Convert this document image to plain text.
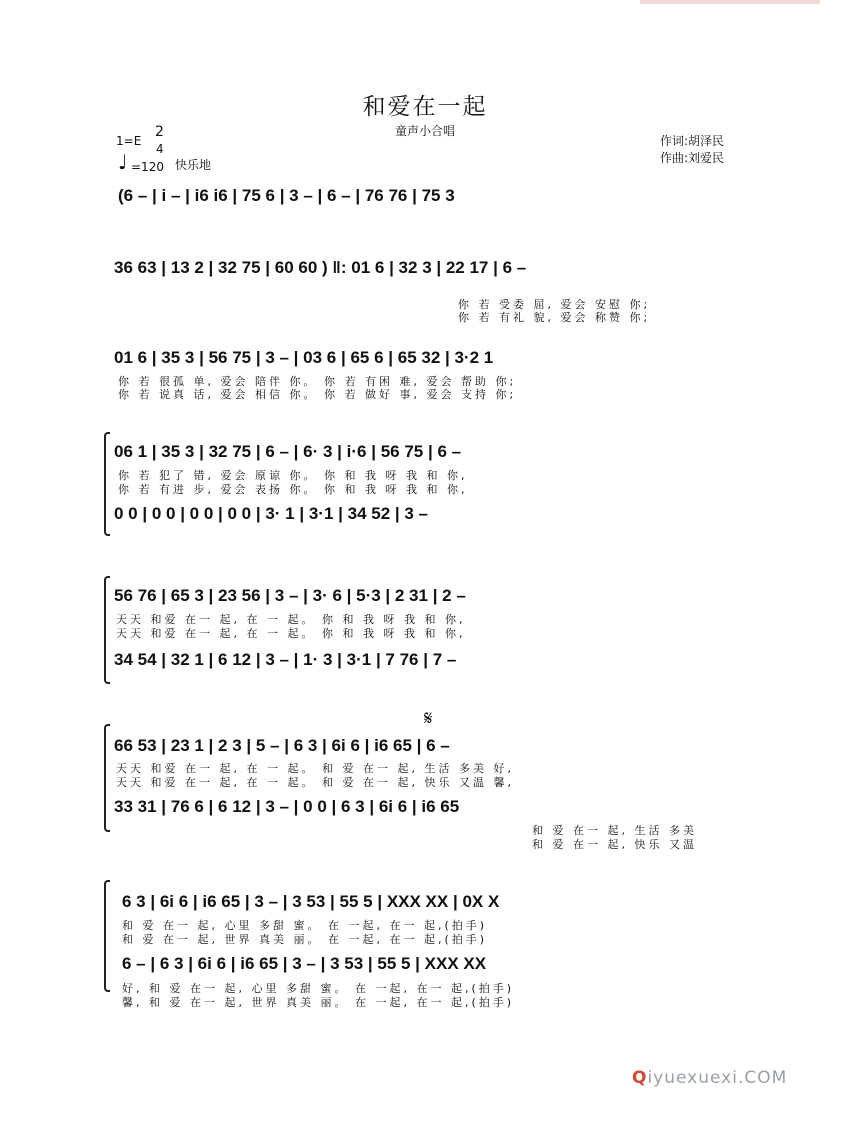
和爱在一起
童声小合唱
1=E
2
4
♩ =120 快乐地
作词:胡泽民
作曲:刘爱民
(6 – | i – | i6 i6 | 75 6 | 3 – | 6 – | 76 76 | 75 3
36 63 | 13 2 | 32 75 | 60 60 ) ‖: 01 6 | 32 3 | 22 17 | 6 –
你 若 受委 屈, 爱会 安慰 你;
你 若 有礼 貌, 爱会 称赞 你;
01 6 | 35 3 | 56 75 | 3 – | 03 6 | 65 6 | 65 32 | 3·2 1
你 若 很孤 单, 爱会 陪伴 你。 你 若 有困 难, 爱会 帮助 你;
你 若 说真 话, 爱会 相信 你。 你 若 做好 事, 爱会 支持 你;
06 1 | 35 3 | 32 75 | 6 – | 6· 3 | i·6 | 56 75 | 6 –
你 若 犯了 错, 爱会 原谅 你。 你 和 我 呀 我 和 你,
你 若 有进 步, 爱会 表扬 你。 你 和 我 呀 我 和 你,
0 0 | 0 0 | 0 0 | 0 0 | 3· 1 | 3·1 | 34 52 | 3 –
56 76 | 65 3 | 23 56 | 3 – | 3· 6 | 5·3 | 2 31 | 2 –
天天 和爱 在一 起, 在 一 起。 你 和 我 呀 我 和 你,
天天 和爱 在一 起, 在 一 起。 你 和 我 呀 我 和 你,
34 54 | 32 1 | 6 12 | 3 – | 1· 3 | 3·1 | 7 76 | 7 –
𝄋
66 53 | 23 1 | 2 3 | 5 – | 6 3 | 6i 6 | i6 65 | 6 –
天天 和爱 在一 起, 在 一 起。 和 爱 在一 起, 生活 多美 好,
天天 和爱 在一 起, 在 一 起。 和 爱 在一 起, 快乐 又温 馨,
33 31 | 76 6 | 6 12 | 3 – | 0 0 | 6 3 | 6i 6 | i6 65
和 爱 在一 起, 生活 多美
和 爱 在一 起, 快乐 又温
6 3 | 6i 6 | i6 65 | 3 – | 3 53 | 55 5 | XXX XX | 0X X
和 爱 在一 起, 心里 多甜 蜜。 在 一起, 在一 起,(拍手)
和 爱 在一 起, 世界 真美 丽。 在 一起, 在一 起,(拍手)
6 – | 6 3 | 6i 6 | i6 65 | 3 – | 3 53 | 55 5 | XXX XX
好, 和 爱 在一 起, 心里 多甜 蜜。 在 一起, 在一 起,(拍手)
馨, 和 爱 在一 起, 世界 真美 丽。 在 一起, 在一 起,(拍手)
Qiyuexuexi.COM
